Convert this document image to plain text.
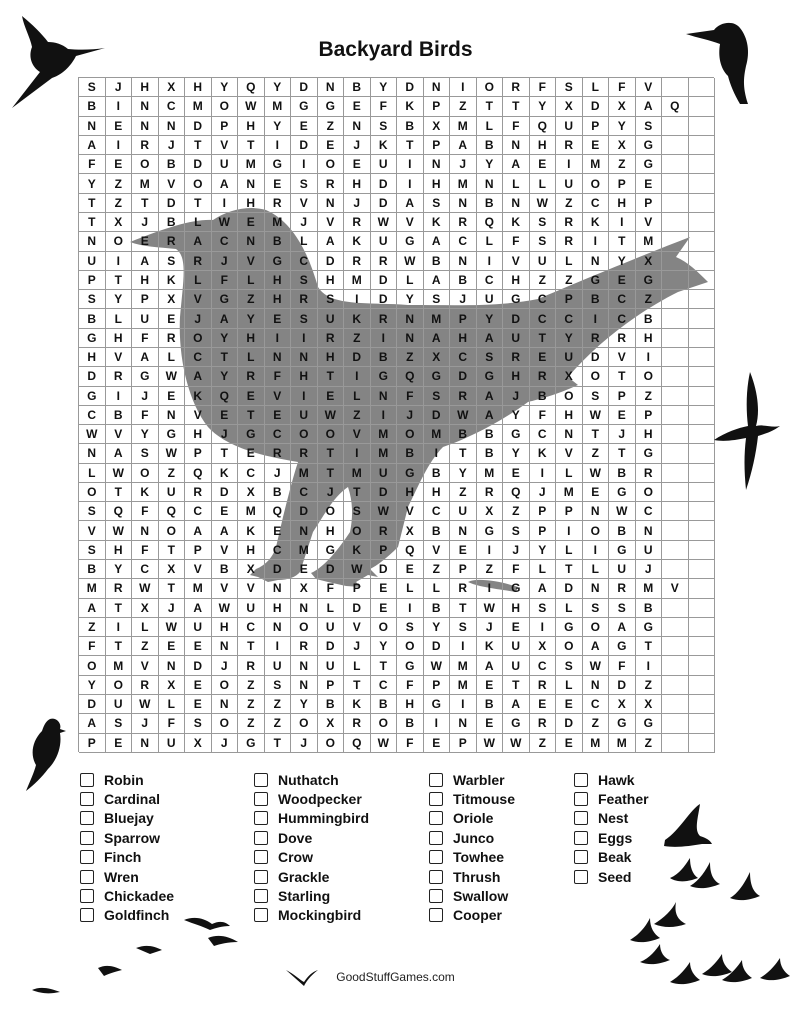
Backyard Birds
S	J	H	X	H	Y	Q	Y	D	N	B	Y	D	N	I	O	R	F	S	L	F	V
B	I	N	C	M	O	W	M	G	G	E	F	K	P	Z	T	T	Y	X	D	X	A	Q
N	E	N	N	D	P	H	Y	E	Z	N	S	B	X	M	L	F	Q	U	P	Y	S
A	I	R	J	T	V	T	I	D	E	J	K	T	P	A	B	N	H	R	E	X	G
F	E	O	B	D	U	M	G	I	O	E	U	I	N	J	Y	A	E	I	M	Z	G
Y	Z	M	V	O	A	N	E	S	R	H	D	I	H	M	N	L	L	U	O	P	E
T	Z	T	D	T	I	H	R	V	N	J	D	A	S	N	B	N	W	Z	C	H	P
T	X	J	B	L	W	E	M	J	V	R	W	V	K	R	Q	K	S	R	K	I	V
N	O	E	R	A	C	N	B	L	A	K	U	G	A	C	L	F	S	R	I	T	M
U	I	A	S	R	J	V	G	C	D	R	R	W	B	N	I	V	U	L	N	Y	X
P	T	H	K	L	F	L	H	S	H	M	D	L	A	B	C	H	Z	Z	G	E	G
S	Y	P	X	V	G	Z	H	R	S	I	D	Y	S	J	U	G	C	P	B	C	Z
B	L	U	E	J	A	Y	E	S	U	K	R	N	M	P	Y	D	C	C	I	C	B
G	H	F	R	O	Y	H	I	I	R	Z	I	N	A	H	A	U	T	Y	R	R	H
H	V	A	L	C	T	L	N	N	H	D	B	Z	X	C	S	R	E	U	D	V	I
D	R	G	W	A	Y	R	F	H	T	I	G	Q	G	D	G	H	R	X	O	T	O
G	I	J	E	K	Q	E	V	I	E	L	N	F	S	R	A	J	B	O	S	P	Z
C	B	F	N	V	E	T	E	U	W	Z	I	J	D	W	A	Y	F	H	W	E	P
W	V	Y	G	H	J	G	C	O	O	V	M	O	M	B	B	G	C	N	T	J	H
N	A	S	W	P	T	E	R	R	T	I	M	B	I	T	B	Y	K	V	Z	T	G
L	W	O	Z	Q	K	C	J	M	T	M	U	G	B	Y	M	E	I	L	W	B	R
O	T	K	U	R	D	X	B	C	J	T	D	H	H	Z	R	Q	J	M	E	G	O
S	Q	F	Q	C	E	M	Q	D	O	S	W	V	C	U	X	Z	P	P	N	W	C
V	W	N	O	A	A	K	E	N	H	O	R	X	B	N	G	S	P	I	O	B	N
S	H	F	T	P	V	H	C	M	G	K	P	Q	V	E	I	J	Y	L	I	G	U
B	Y	C	X	V	B	X	D	E	D	W	D	E	Z	P	Z	F	L	T	L	U	J
M	R	W	T	M	V	V	N	X	F	P	E	L	L	R	I	G	A	D	N	R	M	V
A	T	X	J	A	W	U	H	N	L	D	E	I	B	T	W	H	S	L	S	S	B
Z	I	L	W	U	H	C	N	O	U	V	O	S	Y	S	J	E	I	G	O	A	G
F	T	Z	E	E	N	T	I	R	D	J	Y	O	D	I	K	U	X	O	A	G	T
O	M	V	N	D	J	R	U	N	U	L	T	G	W	M	A	U	C	S	W	F	I
Y	O	R	X	E	O	Z	S	N	P	T	C	F	P	M	E	T	R	L	N	D	Z
D	U	W	L	E	N	Z	Z	Y	B	K	B	H	G	I	B	A	E	E	C	X	X
A	S	J	F	S	O	Z	Z	O	X	R	O	B	I	N	E	G	R	D	Z	G	G
P	E	N	U	X	J	G	T	J	O	Q	W	F	E	P	W	W	Z	E	M	M	Z
Robin
Cardinal
Bluejay
Sparrow
Finch
Wren
Chickadee
Goldfinch
Nuthatch
Woodpecker
Hummingbird
Dove
Crow
Grackle
Starling
Mockingbird
Warbler
Titmouse
Oriole
Junco
Towhee
Thrush
Swallow
Cooper
Hawk
Feather
Nest
Eggs
Beak
Seed
GoodStuffGames.com
